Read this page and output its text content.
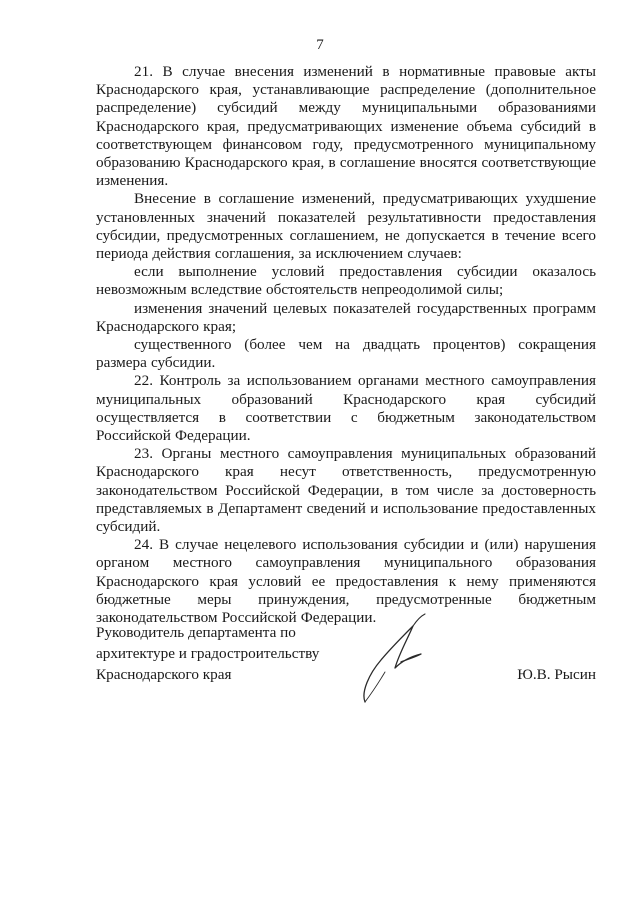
7

21. В случае внесения изменений в нормативные правовые акты Краснодарского края, устанавливающие распределение (дополнительное распределение) субсидий между муниципальными образованиями Краснодарского края, предусматривающих изменение объема субсидий в соответствующем финансовом году, предусмотренного муниципальному образованию Краснодарского края, в соглашение вносятся соответствующие изменения.

Внесение в соглашение изменений, предусматривающих ухудшение установленных значений показателей результативности предоставления субсидии, предусмотренных соглашением, не допускается в течение всего периода действия соглашения, за исключением случаев:

если выполнение условий предоставления субсидии оказалось невозможным вследствие обстоятельств непреодолимой силы;

изменения значений целевых показателей государственных программ Краснодарского края;

существенного (более чем на двадцать процентов) сокращения размера субсидии.

22. Контроль за использованием органами местного самоуправления муниципальных образований Краснодарского края субсидий осуществляется в соответствии с бюджетным законодательством Российской Федерации.

23. Органы местного самоуправления муниципальных образований Краснодарского края несут ответственность, предусмотренную законодательством Российской Федерации, в том числе за достоверность представляемых в Департамент сведений и использование предоставленных субсидий.

24. В случае нецелевого использования субсидии и (или) нарушения органом местного самоуправления муниципального образования Краснодарского края условий ее предоставления к нему применяются бюджетные меры принуждения, предусмотренные бюджетным законодательством Российской Федерации.

Руководитель департамента по
архитектуре и градостроительству
Краснодарского края	Ю.В. Рысин
